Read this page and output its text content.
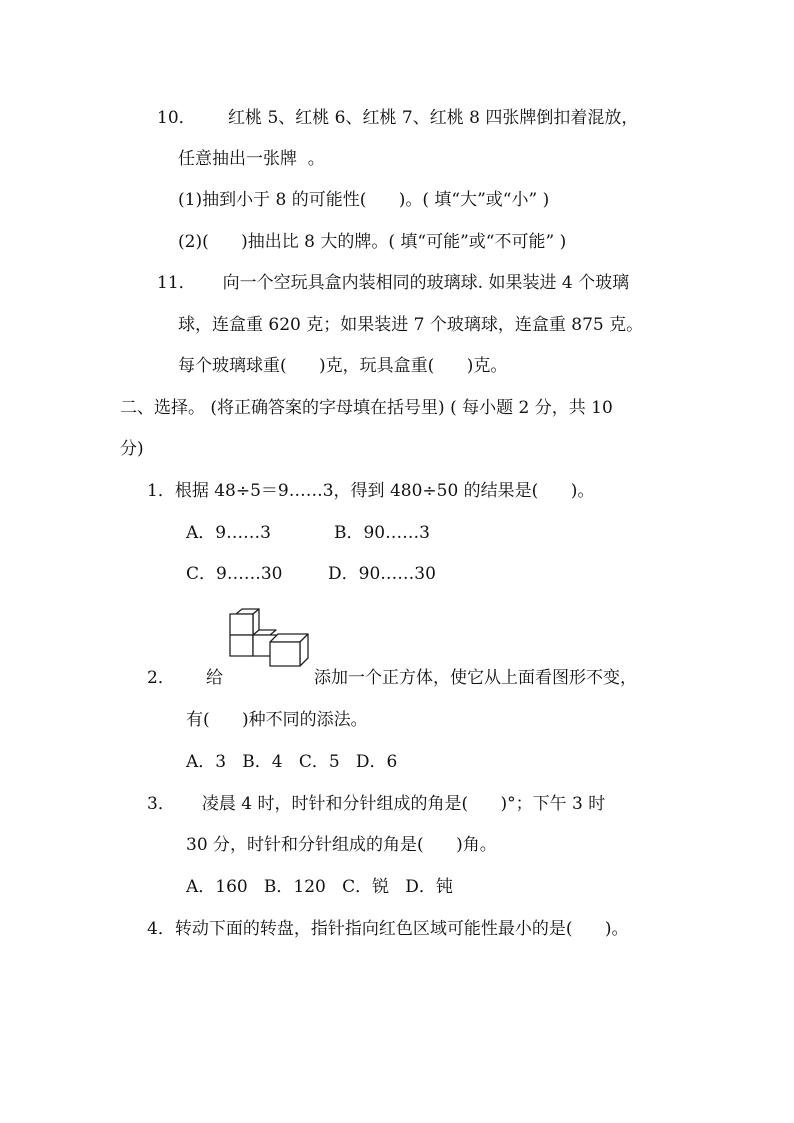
10．      红桃 5、红桃 6、红桃 7、红桃 8 四张牌倒扣着混放，
任意抽出一张牌  。
(1)抽到小于 8 的可能性(      )。( 填“大”或“小” )
(2)(      )抽出比 8 大的牌。( 填“可能”或“不可能” )
11．     向一个空玩具盒内装相同的玻璃球. 如果装进 4 个玻璃
球，连盒重 620 克；如果装进 7 个玻璃球，连盒重 875 克。
每个玻璃球重(      )克，玩具盒重(      )克。
二、选择。 (将正确答案的字母填在括号里) ( 每小题 2 分，共 10
分)
1．根据 48÷5＝9……3，得到 480÷50 的结果是(      )。
A．9……3	B．90……3
C．9……30	D．90……30
2． 给	添加一个正方体，使它从上面看图形不变，
有(      )种不同的添法。
A．3   B．4   C．5   D．6
3．     凌晨 4 时，时针和分针组成的角是(      )°；下午 3 时
30 分，时针和分针组成的角是(      )角。
A．160   B．120   C．锐   D．钝
4．转动下面的转盘，指针指向红色区域可能性最小的是(      )。
